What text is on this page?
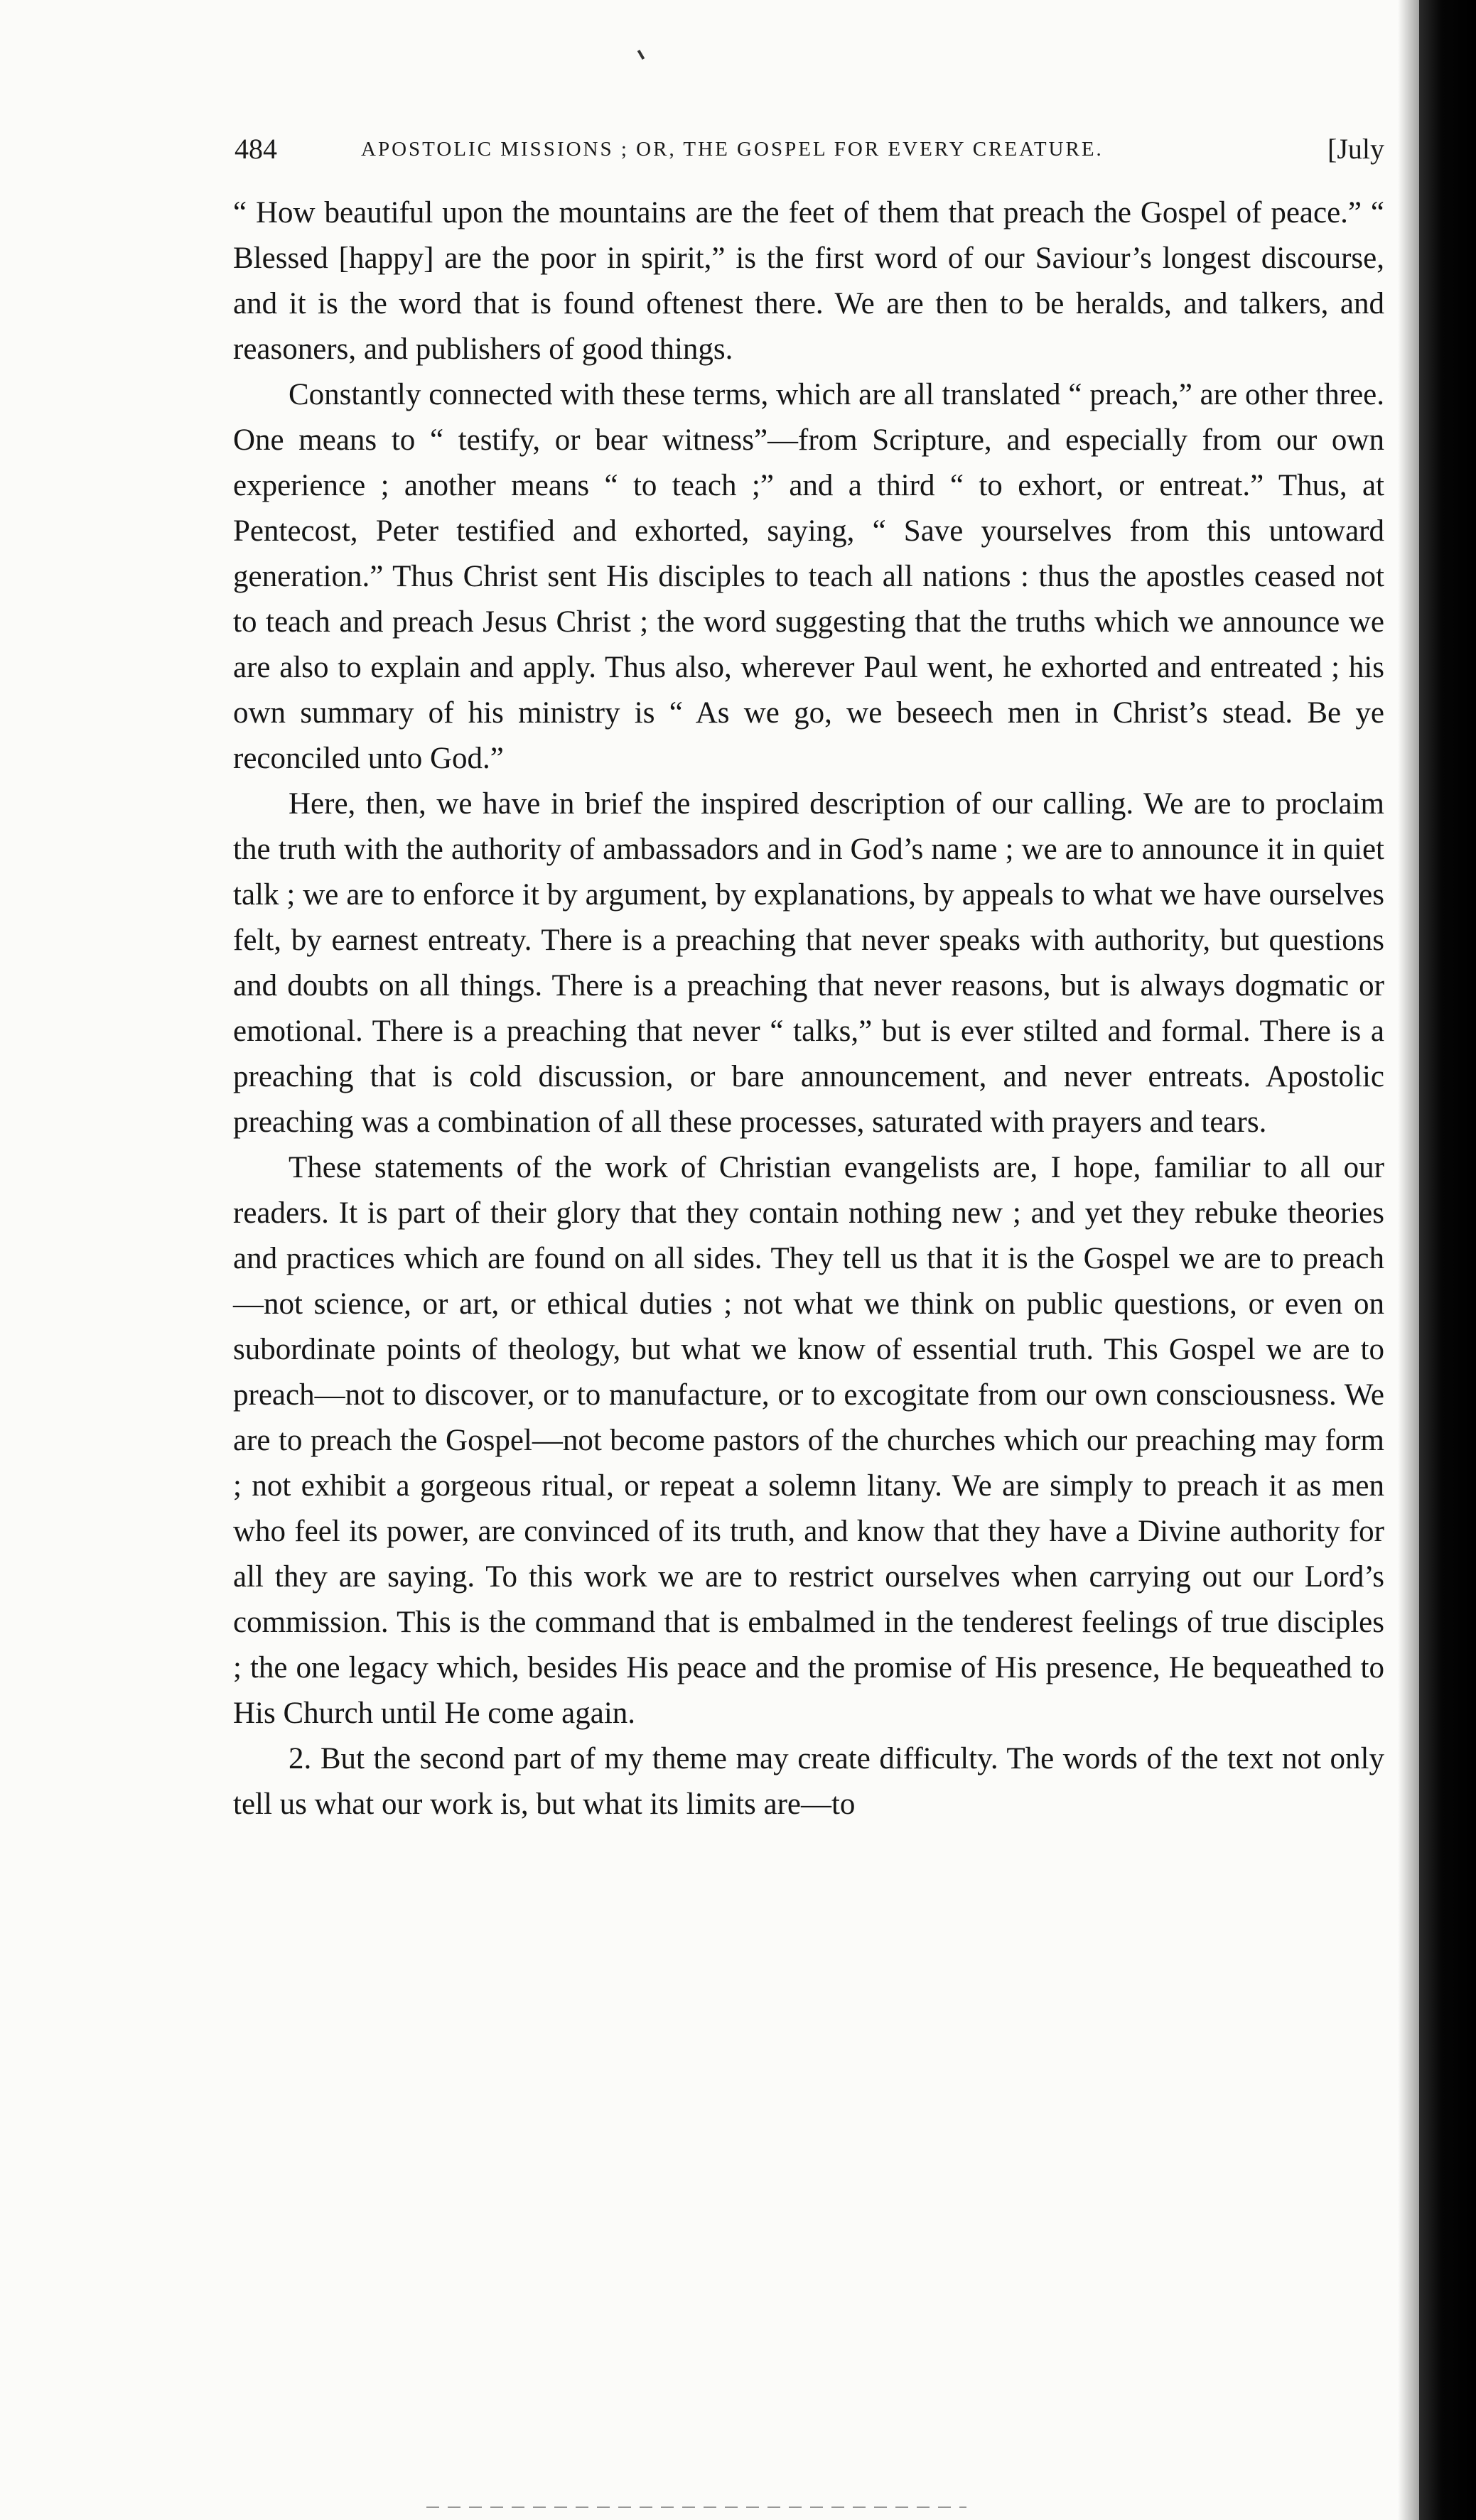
484	APOSTOLIC MISSIONS ; OR, THE GOSPEL FOR EVERY CREATURE.	[July

“ How beautiful upon the mountains are the feet of them that preach the Gospel of peace.” “ Blessed [happy] are the poor in spirit,” is the first word of our Saviour’s longest discourse, and it is the word that is found oftenest there. We are then to be heralds, and talkers, and reasoners, and publishers of good things.

Constantly connected with these terms, which are all translated “ preach,” are other three. One means to “ testify, or bear witness”—from Scripture, and especially from our own experience ; another means “ to teach ;” and a third “ to exhort, or entreat.” Thus, at Pentecost, Peter testified and exhorted, saying, “ Save yourselves from this untoward generation.” Thus Christ sent His disciples to teach all nations : thus the apostles ceased not to teach and preach Jesus Christ ; the word suggesting that the truths which we announce we are also to explain and apply. Thus also, wherever Paul went, he exhorted and entreated ; his own summary of his ministry is “ As we go, we beseech men in Christ’s stead. Be ye reconciled unto God.”

Here, then, we have in brief the inspired description of our calling. We are to proclaim the truth with the authority of ambassadors and in God’s name ; we are to announce it in quiet talk ; we are to enforce it by argument, by explanations, by appeals to what we have ourselves felt, by earnest entreaty. There is a preaching that never speaks with authority, but questions and doubts on all things. There is a preaching that never reasons, but is always dogmatic or emotional. There is a preaching that never “ talks,” but is ever stilted and formal. There is a preaching that is cold discussion, or bare announcement, and never entreats. Apostolic preaching was a combination of all these processes, saturated with prayers and tears.

These statements of the work of Christian evangelists are, I hope, familiar to all our readers. It is part of their glory that they contain nothing new ; and yet they rebuke theories and practices which are found on all sides. They tell us that it is the Gospel we are to preach—not science, or art, or ethical duties ; not what we think on public questions, or even on subordinate points of theology, but what we know of essential truth. This Gospel we are to preach—not to discover, or to manufacture, or to excogitate from our own consciousness. We are to preach the Gospel—not become pastors of the churches which our preaching may form ; not exhibit a gorgeous ritual, or repeat a solemn litany. We are simply to preach it as men who feel its power, are convinced of its truth, and know that they have a Divine authority for all they are saying. To this work we are to restrict ourselves when carrying out our Lord’s commission. This is the command that is embalmed in the tenderest feelings of true disciples ; the one legacy which, besides His peace and the promise of His presence, He bequeathed to His Church until He come again.

2. But the second part of my theme may create difficulty. The words of the text not only tell us what our work is, but what its limits are—to
